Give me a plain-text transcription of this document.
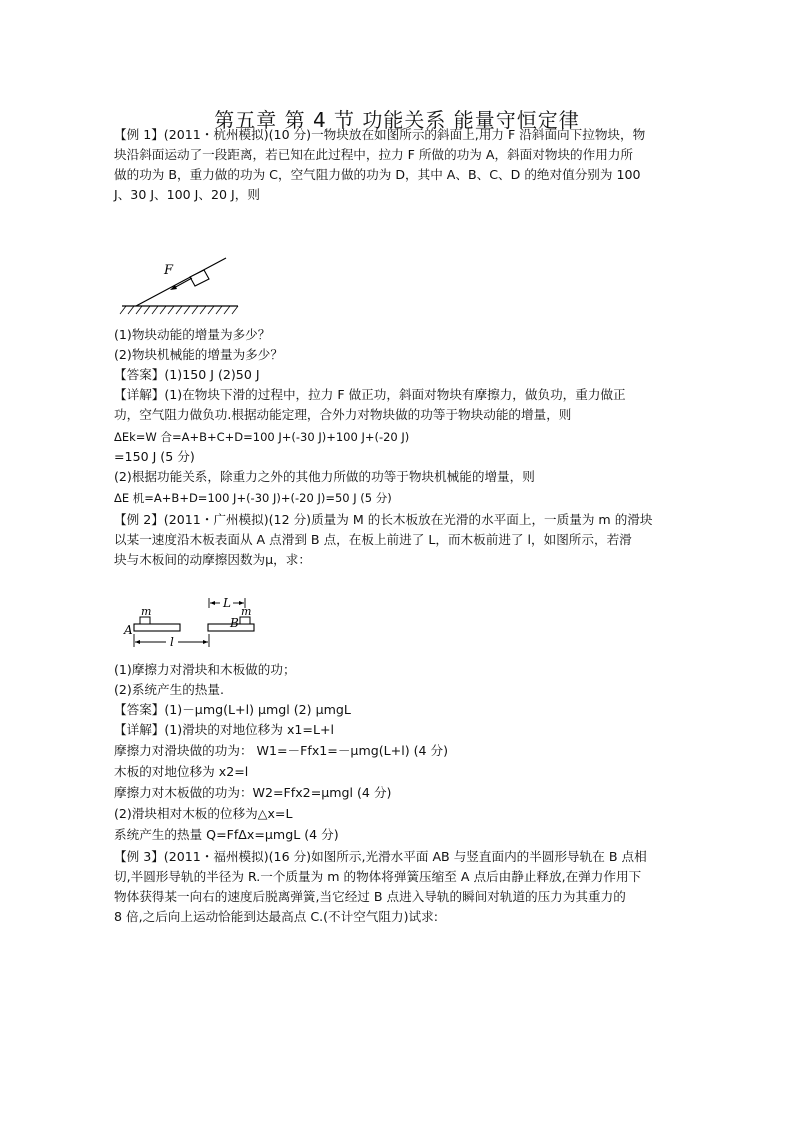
第五章 第 4 节 功能关系 能量守恒定律
【例 1】(2011・杭州模拟)(10 分)一物块放在如图所示的斜面上,用力 F 沿斜面向下拉物块，物
块沿斜面运动了一段距离，若已知在此过程中，拉力 F 所做的功为 A，斜面对物块的作用力所
做的功为 B，重力做的功为 C，空气阻力做的功为 D，其中 A、B、C、D 的绝对值分别为 100
J、30 J、100 J、20 J，则
F
(1)物块动能的增量为多少？
(2)物块机械能的增量为多少？
【答案】(1)150 J (2)50 J
【详解】(1)在物块下滑的过程中，拉力 F 做正功，斜面对物块有摩擦力，做负功，重力做正
功，空气阻力做负功.根据动能定理，合外力对物块做的功等于物块动能的增量，则
ΔEk=W 合=A+B+C+D=100 J+(-30 J)+100 J+(-20 J)
=150 J (5 分)
(2)根据功能关系，除重力之外的其他力所做的功等于物块机械能的增量，则
ΔE 机=A+B+D=100 J+(-30 J)+(-20 J)=50 J (5 分)
【例 2】(2011・广州模拟)(12 分)质量为 M 的长木板放在光滑的水平面上，一质量为 m 的滑块
以某一速度沿木板表面从 A 点滑到 B 点，在板上前进了 L，而木板前进了 l，如图所示，若滑
块与木板间的动摩擦因数为μ，求：
m
A
m
B
L
l
(1)摩擦力对滑块和木板做的功；
(2)系统产生的热量.
【答案】(1)－μmg(L+l) μmgl (2) μmgL
【详解】(1)滑块的对地位移为 x1=L+l
摩擦力对滑块做的功为： W1=－Ffx1=－μmg(L+l) (4 分)
木板的对地位移为 x2=l
摩擦力对木板做的功为：W2=Ffx2=μmgl (4 分)
(2)滑块相对木板的位移为△x=L
系统产生的热量 Q=FfΔx=μmgL (4 分)
【例 3】(2011・福州模拟)(16 分)如图所示,光滑水平面 AB 与竖直面内的半圆形导轨在 B 点相
切,半圆形导轨的半径为 R.一个质量为 m 的物体将弹簧压缩至 A 点后由静止释放,在弹力作用下
物体获得某一向右的速度后脱离弹簧,当它经过 B 点进入导轨的瞬间对轨道的压力为其重力的
8 倍,之后向上运动恰能到达最高点 C.(不计空气阻力)试求:
